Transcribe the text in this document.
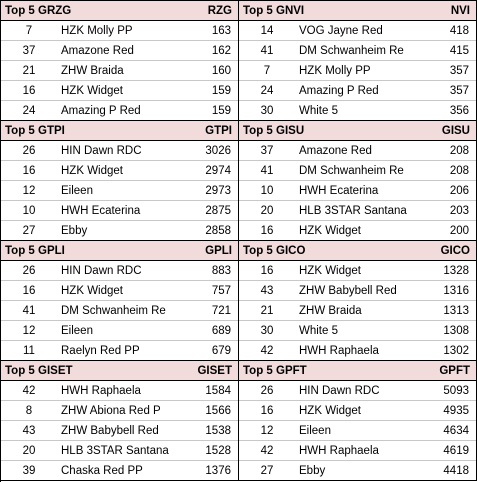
Top 5 GRZG	RZG
7	HZK Molly PP	163
37	Amazone Red	162
21	ZHW Braida	160
16	HZK Widget	159
24	Amazing P Red	159
Top 5 GNVI	NVI
14	VOG Jayne Red	418
41	DM Schwanheim Re	415
7	HZK Molly PP	357
24	Amazing P Red	357
30	White 5	356
Top 5 GTPI	GTPI
26	HIN Dawn RDC	3026
16	HZK Widget	2974
12	Eileen	2973
10	HWH Ecaterina	2875
27	Ebby	2858
Top 5 GISU	GISU
37	Amazone Red	208
41	DM Schwanheim Re	208
10	HWH Ecaterina	206
20	HLB 3STAR Santana	203
16	HZK Widget	200
Top 5 GPLI	GPLI
26	HIN Dawn RDC	883
16	HZK Widget	757
41	DM Schwanheim Re	721
12	Eileen	689
11	Raelyn Red PP	679
Top 5 GICO	GICO
16	HZK Widget	1328
43	ZHW Babybell Red	1316
21	ZHW Braida	1313
30	White 5	1308
42	HWH Raphaela	1302
Top 5 GISET	GISET
42	HWH Raphaela	1584
8	ZHW Abiona Red P	1566
43	ZHW Babybell Red	1538
20	HLB 3STAR Santana	1528
39	Chaska Red PP	1376
Top 5 GPFT	GPFT
26	HIN Dawn RDC	5093
16	HZK Widget	4935
12	Eileen	4634
42	HWH Raphaela	4619
27	Ebby	4418
